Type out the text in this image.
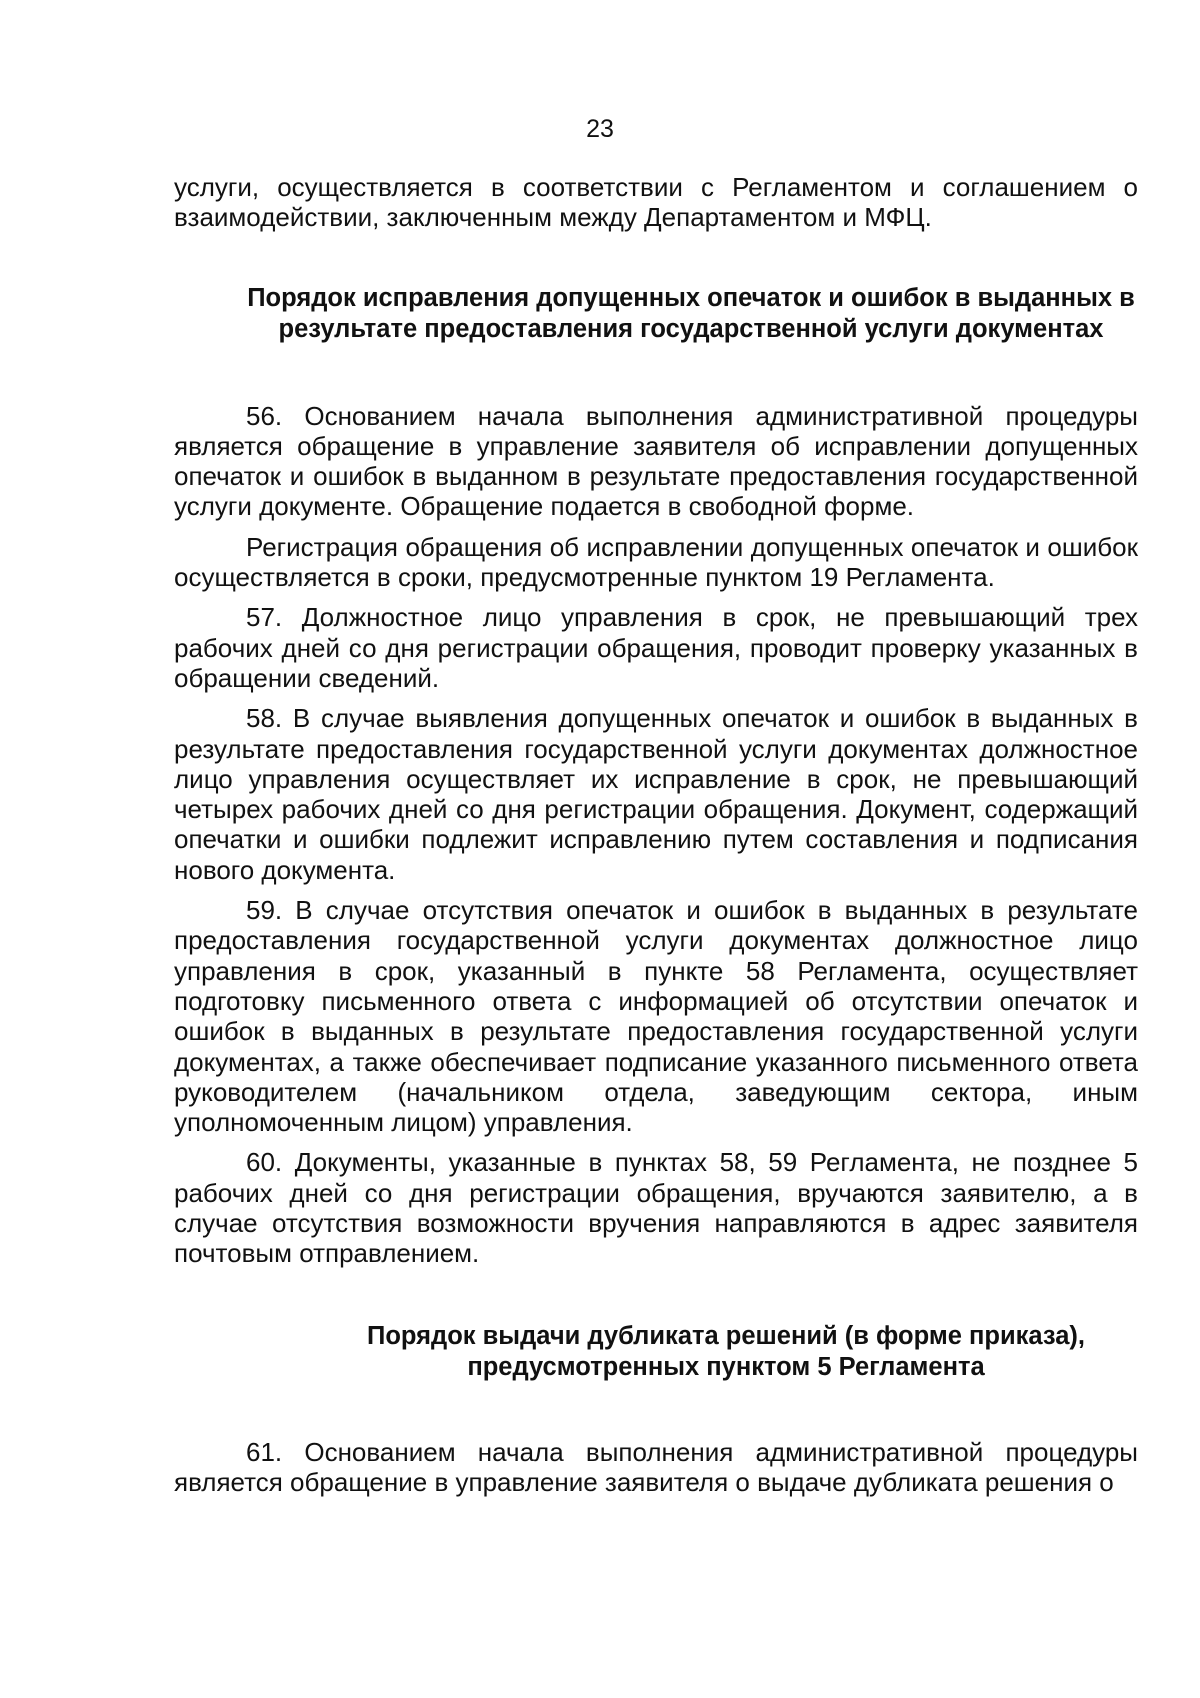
23

услуги, осуществляется в соответствии с Регламентом и соглашением о взаимодействии, заключенным между Департаментом и МФЦ.

Порядок исправления допущенных опечаток и ошибок в выданных в результате предоставления государственной услуги документах

56. Основанием начала выполнения административной процедуры является обращение в управление заявителя об исправлении допущенных опечаток и ошибок в выданном в результате предоставления государственной услуги документе. Обращение подается в свободной форме.

Регистрация обращения об исправлении допущенных опечаток и ошибок осуществляется в сроки, предусмотренные пунктом 19 Регламента.

57. Должностное лицо управления в срок, не превышающий трех рабочих дней со дня регистрации обращения, проводит проверку указанных в обращении сведений.

58. В случае выявления допущенных опечаток и ошибок в выданных в результате предоставления государственной услуги документах должностное лицо управления осуществляет их исправление в срок, не превышающий четырех рабочих дней со дня регистрации обращения. Документ, содержащий опечатки и ошибки подлежит исправлению путем составления и подписания нового документа.

59. В случае отсутствия опечаток и ошибок в выданных в результате предоставления государственной услуги документах должностное лицо управления в срок, указанный в пункте 58 Регламента, осуществляет подготовку письменного ответа с информацией об отсутствии опечаток и ошибок в выданных в результате предоставления государственной услуги документах, а также обеспечивает подписание указанного письменного ответа руководителем (начальником отдела, заведующим сектора, иным уполномоченным лицом) управления.

60. Документы, указанные в пунктах 58, 59 Регламента, не позднее 5 рабочих дней со дня регистрации обращения, вручаются заявителю, а в случае отсутствия возможности вручения направляются в адрес заявителя почтовым отправлением.

Порядок выдачи дубликата решений (в форме приказа), предусмотренных пунктом 5 Регламента

61. Основанием начала выполнения административной процедуры является обращение в управление заявителя о выдаче дубликата решения о
